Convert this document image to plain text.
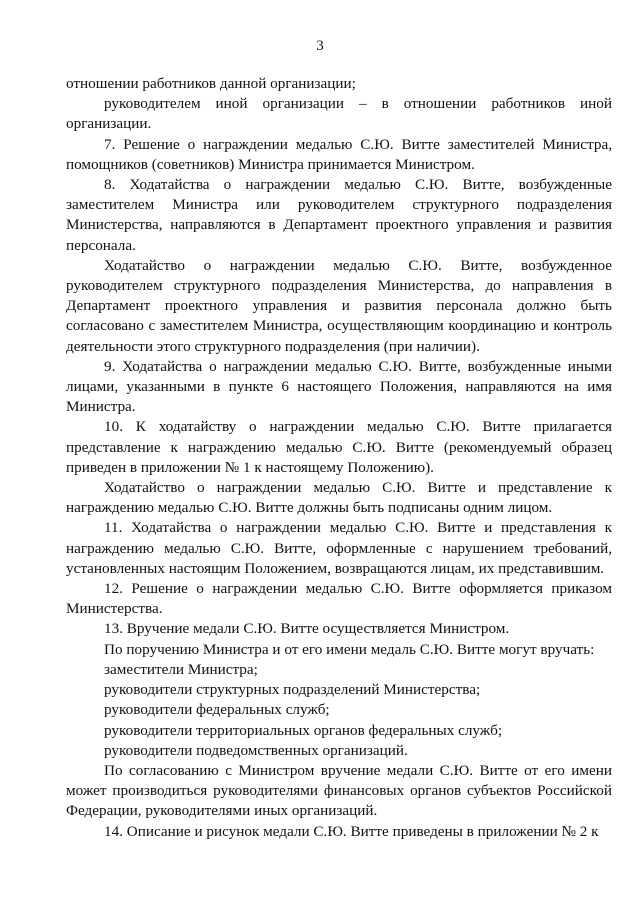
3

отношении работников данной организации;

руководителем иной организации – в отношении работников иной организации.

7. Решение о награждении медалью С.Ю. Витте заместителей Министра, помощников (советников) Министра принимается Министром.

8. Ходатайства о награждении медалью С.Ю. Витте, возбужденные заместителем Министра или руководителем структурного подразделения Министерства, направляются в Департамент проектного управления и развития персонала.

Ходатайство о награждении медалью С.Ю. Витте, возбужденное руководителем структурного подразделения Министерства, до направления в Департамент проектного управления и развития персонала должно быть согласовано с заместителем Министра, осуществляющим координацию и контроль деятельности этого структурного подразделения (при наличии).

9. Ходатайства о награждении медалью С.Ю. Витте, возбужденные иными лицами, указанными в пункте 6 настоящего Положения, направляются на имя Министра.

10. К ходатайству о награждении медалью С.Ю. Витте прилагается представление к награждению медалью С.Ю. Витте (рекомендуемый образец приведен в приложении № 1 к настоящему Положению).

Ходатайство о награждении медалью С.Ю. Витте и представление к награждению медалью С.Ю. Витте должны быть подписаны одним лицом.

11. Ходатайства о награждении медалью С.Ю. Витте и представления к награждению медалью С.Ю. Витте, оформленные с нарушением требований, установленных настоящим Положением, возвращаются лицам, их представившим.

12. Решение о награждении медалью С.Ю. Витте оформляется приказом Министерства.

13. Вручение медали С.Ю. Витте осуществляется Министром.

По поручению Министра и от его имени медаль С.Ю. Витте могут вручать:

заместители Министра;

руководители структурных подразделений Министерства;

руководители федеральных служб;

руководители территориальных органов федеральных служб;

руководители подведомственных организаций.

По согласованию с Министром вручение медали С.Ю. Витте от его имени может производиться руководителями финансовых органов субъектов Российской Федерации, руководителями иных организаций.

14. Описание и рисунок медали С.Ю. Витте приведены в приложении № 2 к
